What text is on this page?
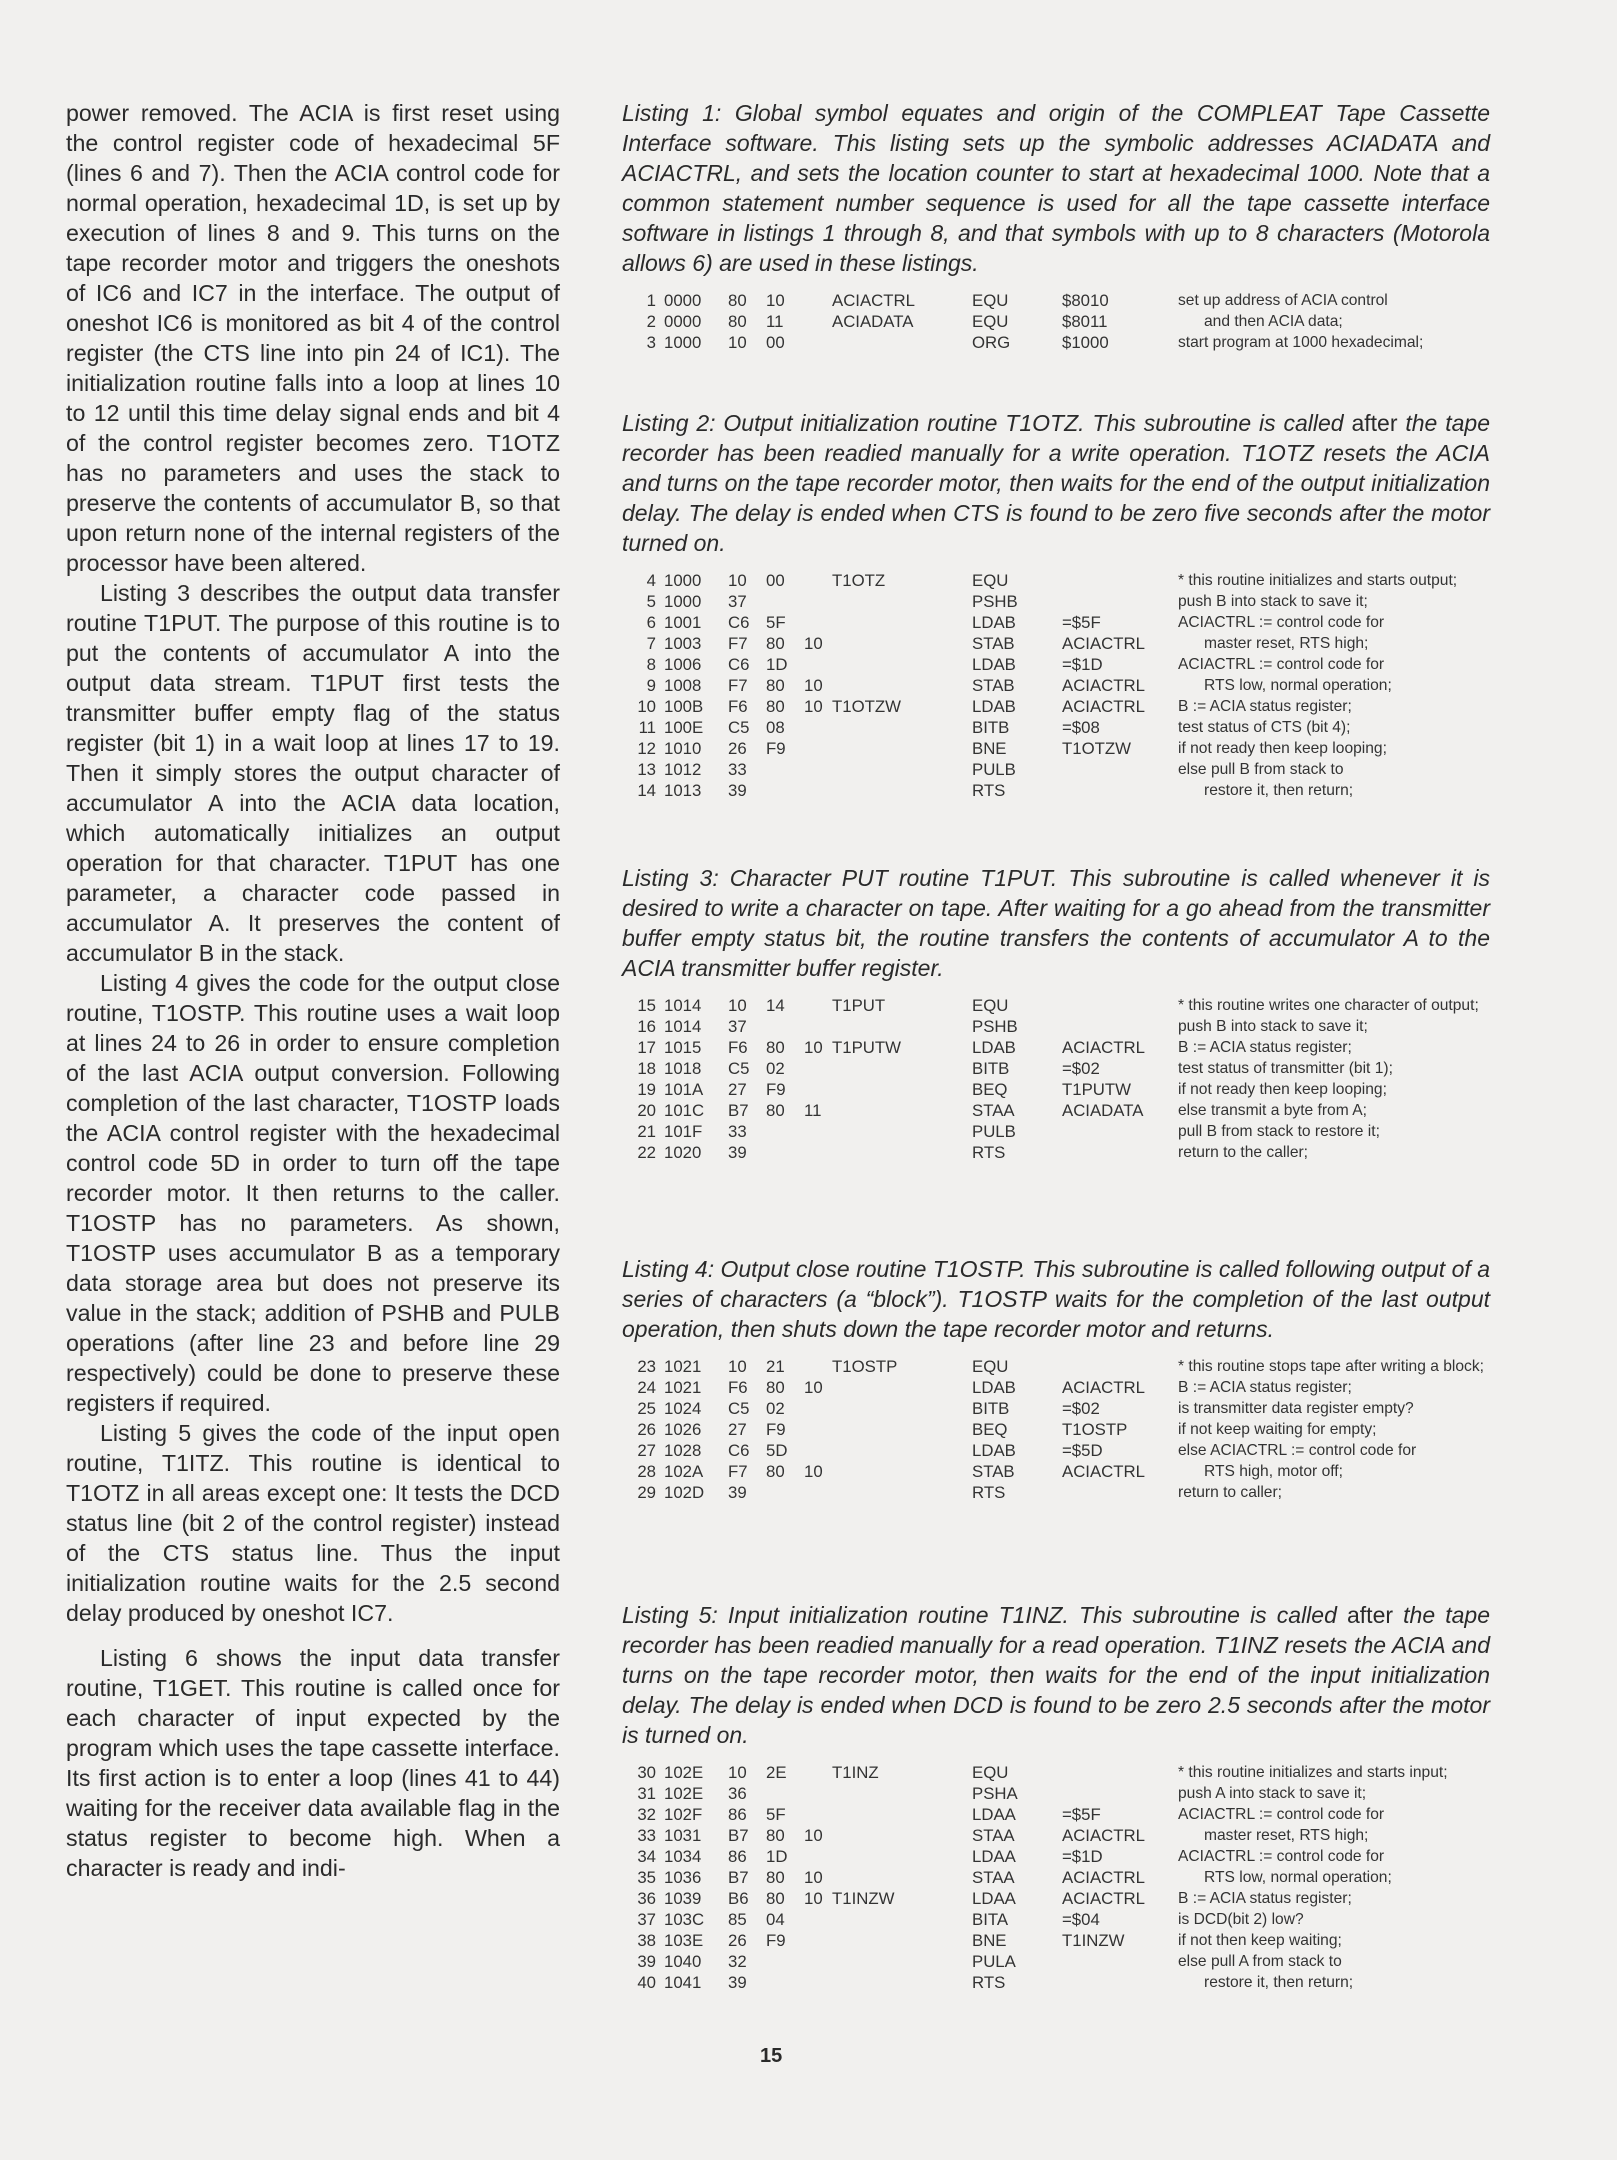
power removed. The ACIA is first reset using the control register code of hexadecimal 5F (lines 6 and 7). Then the ACIA control code for normal operation, hexadecimal 1D, is set up by execution of lines 8 and 9. This turns on the tape recorder motor and triggers the oneshots of IC6 and IC7 in the interface. The output of oneshot IC6 is monitored as bit 4 of the control register (the CTS line into pin 24 of IC1). The initialization routine falls into a loop at lines 10 to 12 until this time delay signal ends and bit 4 of the control register becomes zero. T1OTZ has no parameters and uses the stack to preserve the contents of accumulator B, so that upon return none of the internal registers of the processor have been altered.

Listing 3 describes the output data transfer routine T1PUT. The purpose of this routine is to put the contents of accumulator A into the output data stream. T1PUT first tests the transmitter buffer empty flag of the status register (bit 1) in a wait loop at lines 17 to 19. Then it simply stores the output character of accumulator A into the ACIA data location, which automatically initializes an output operation for that character. T1PUT has one parameter, a character code passed in accumulator A. It preserves the content of accumulator B in the stack.

Listing 4 gives the code for the output close routine, T1OSTP. This routine uses a wait loop at lines 24 to 26 in order to ensure completion of the last ACIA output conversion. Following completion of the last character, T1OSTP loads the ACIA control register with the hexadecimal control code 5D in order to turn off the tape recorder motor. It then returns to the caller. T1OSTP has no parameters. As shown, T1OSTP uses accumulator B as a temporary data storage area but does not preserve its value in the stack; addition of PSHB and PULB operations (after line 23 and before line 29 respectively) could be done to preserve these registers if required.

Listing 5 gives the code of the input open routine, T1ITZ. This routine is identical to T1OTZ in all areas except one: It tests the DCD status line (bit 2 of the control register) instead of the CTS status line. Thus the input initialization routine waits for the 2.5 second delay produced by oneshot IC7.

Listing 6 shows the input data transfer routine, T1GET. This routine is called once for each character of input expected by the program which uses the tape cassette interface. Its first action is to enter a loop (lines 41 to 44) waiting for the receiver data available flag in the status register to become high. When a character is ready and indi-

Listing 1: Global symbol equates and origin of the COMPLEAT Tape Cassette Interface software. This listing sets up the symbolic addresses ACIADATA and ACIACTRL, and sets the location counter to start at hexadecimal 1000. Note that a common statement number sequence is used for all the tape cassette interface software in listings 1 through 8, and that symbols with up to 8 characters (Motorola allows 6) are used in these listings.

1	0000	80	10		ACIACTRL	EQU	$8010	set up address of ACIA control
2	0000	80	11		ACIADATA	EQU	$8011	and then ACIA data;
3	1000	10	00			ORG	$1000	start program at 1000 hexadecimal;

Listing 2: Output initialization routine T1OTZ. This subroutine is called after the tape recorder has been readied manually for a write operation. T1OTZ resets the ACIA and turns on the tape recorder motor, then waits for the end of the output initialization delay. The delay is ended when CTS is found to be zero five seconds after the motor turned on.

4	1000	10	00		T1OTZ	EQU		* this routine initializes and starts output;
5	1000	37				PSHB		push B into stack to save it;
6	1001	C6	5F			LDAB	=$5F	ACIACTRL := control code for
7	1003	F7	80	10		STAB	ACIACTRL	master reset, RTS high;
8	1006	C6	1D			LDAB	=$1D	ACIACTRL := control code for
9	1008	F7	80	10		STAB	ACIACTRL	RTS low, normal operation;
10	100B	F6	80	10	T1OTZW	LDAB	ACIACTRL	B := ACIA status register;
11	100E	C5	08			BITB	=$08	test status of CTS (bit 4);
12	1010	26	F9			BNE	T1OTZW	if not ready then keep looping;
13	1012	33				PULB		else pull B from stack to
14	1013	39				RTS		restore it, then return;

Listing 3: Character PUT routine T1PUT. This subroutine is called whenever it is desired to write a character on tape. After waiting for a go ahead from the transmitter buffer empty status bit, the routine transfers the contents of accumulator A to the ACIA transmitter buffer register.

15	1014	10	14		T1PUT	EQU		* this routine writes one character of output;
16	1014	37				PSHB		push B into stack to save it;
17	1015	F6	80	10	T1PUTW	LDAB	ACIACTRL	B := ACIA status register;
18	1018	C5	02			BITB	=$02	test status of transmitter (bit 1);
19	101A	27	F9			BEQ	T1PUTW	if not ready then keep looping;
20	101C	B7	80	11		STAA	ACIADATA	else transmit a byte from A;
21	101F	33				PULB		pull B from stack to restore it;
22	1020	39				RTS		return to the caller;

Listing 4: Output close routine T1OSTP. This subroutine is called following output of a series of characters (a “block”). T1OSTP waits for the completion of the last output operation, then shuts down the tape recorder motor and returns.

23	1021	10	21		T1OSTP	EQU		* this routine stops tape after writing a block;
24	1021	F6	80	10		LDAB	ACIACTRL	B := ACIA status register;
25	1024	C5	02			BITB	=$02	is transmitter data register empty?
26	1026	27	F9			BEQ	T1OSTP	if not keep waiting for empty;
27	1028	C6	5D			LDAB	=$5D	else ACIACTRL := control code for
28	102A	F7	80	10		STAB	ACIACTRL	RTS high, motor off;
29	102D	39				RTS		return to caller;

Listing 5: Input initialization routine T1INZ. This subroutine is called after the tape recorder has been readied manually for a read operation. T1INZ resets the ACIA and turns on the tape recorder motor, then waits for the end of the input initialization delay. The delay is ended when DCD is found to be zero 2.5 seconds after the motor is turned on.

30	102E	10	2E		T1INZ	EQU		* this routine initializes and starts input;
31	102E	36				PSHA		push A into stack to save it;
32	102F	86	5F			LDAA	=$5F	ACIACTRL := control code for
33	1031	B7	80	10		STAA	ACIACTRL	master reset, RTS high;
34	1034	86	1D			LDAA	=$1D	ACIACTRL := control code for
35	1036	B7	80	10		STAA	ACIACTRL	RTS low, normal operation;
36	1039	B6	80	10	T1INZW	LDAA	ACIACTRL	B := ACIA status register;
37	103C	85	04			BITA	=$04	is DCD(bit 2) low?
38	103E	26	F9			BNE	T1INZW	if not then keep waiting;
39	1040	32				PULA		else pull A from stack to
40	1041	39				RTS		restore it, then return;
15
